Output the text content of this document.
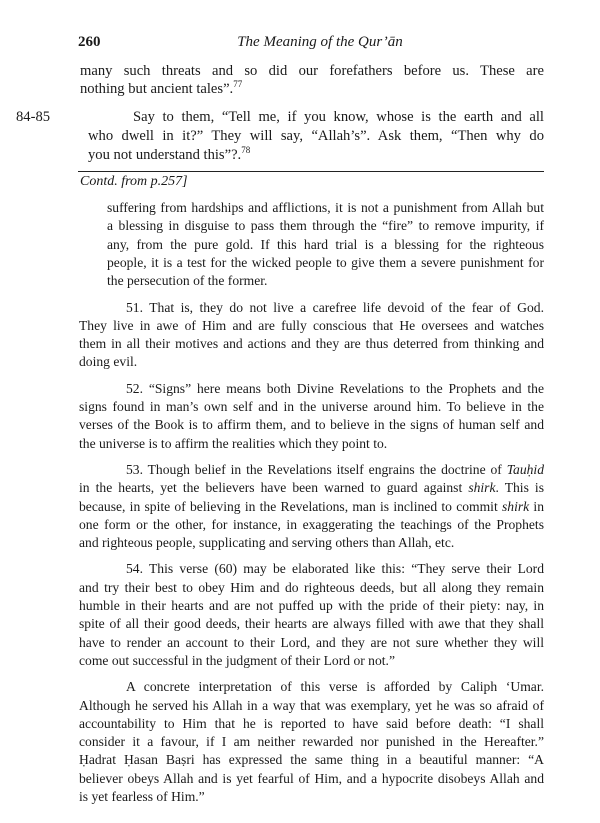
260	The Meaning of the Qur’ān
84-85
Contd. from p.257]
many such threats and so did our forefathers before us. These are
nothing but ancient tales”.$^{77}$
Say to them, “Tell me, if you know, whose is the earth and all
who dwell in it?” They will say, “Allah’s”. Ask them, “Then why do
you not understand this”?.$^{78}$
suffering from hardships and afflictions, it is not a punishment from Allah but
a blessing in disguise to pass them through the “fire” to remove impurity, if
any, from the pure gold. If this hard trial is a blessing for the righteous
people, it is a test for the wicked people to give them a severe punishment for
the persecution of the former.
51. That is, they do not live a carefree life devoid of the fear of God.
They live in awe of Him and are fully conscious that He oversees and watches
them in all their motives and actions and they are thus deterred from thinking and
doing evil.
52. “Signs” here means both Divine Revelations to the Prophets and the
signs found in man’s own self and in the universe around him. To believe in the
verses of the Book is to affirm them, and to believe in the signs of human self and
the universe is to affirm the realities which they point to.
53. Though belief in the Revelations itself engrains the doctrine of Tauḥid
in the hearts, yet the believers have been warned to guard against shirk. This is
because, in spite of believing in the Revelations, man is inclined to commit shirk in
one form or the other, for instance, in exaggerating the teachings of the Prophets
and righteous people, supplicating and serving others than Allah, etc.
54. This verse (60) may be elaborated like this: “They serve their Lord
and try their best to obey Him and do righteous deeds, but all along they remain
humble in their hearts and are not puffed up with the pride of their piety: nay, in
spite of all their good deeds, their hearts are always filled with awe that they shall
have to render an account to their Lord, and they are not sure whether they will
come out successful in the judgment of their Lord or not.”
A concrete interpretation of this verse is afforded by Caliph ‘Umar.
Although he served his Allah in a way that was exemplary, yet he was so afraid of
accountability to Him that he is reported to have said before death: “I shall
consider it a favour, if I am neither rewarded nor punished in the Hereafter.”
Ḥadrat Ḥasan Baṣri has expressed the same thing in a beautiful manner: “A
believer obeys Allah and is yet fearful of Him, and a hypocrite disobeys Allah and
is yet fearless of Him.”
